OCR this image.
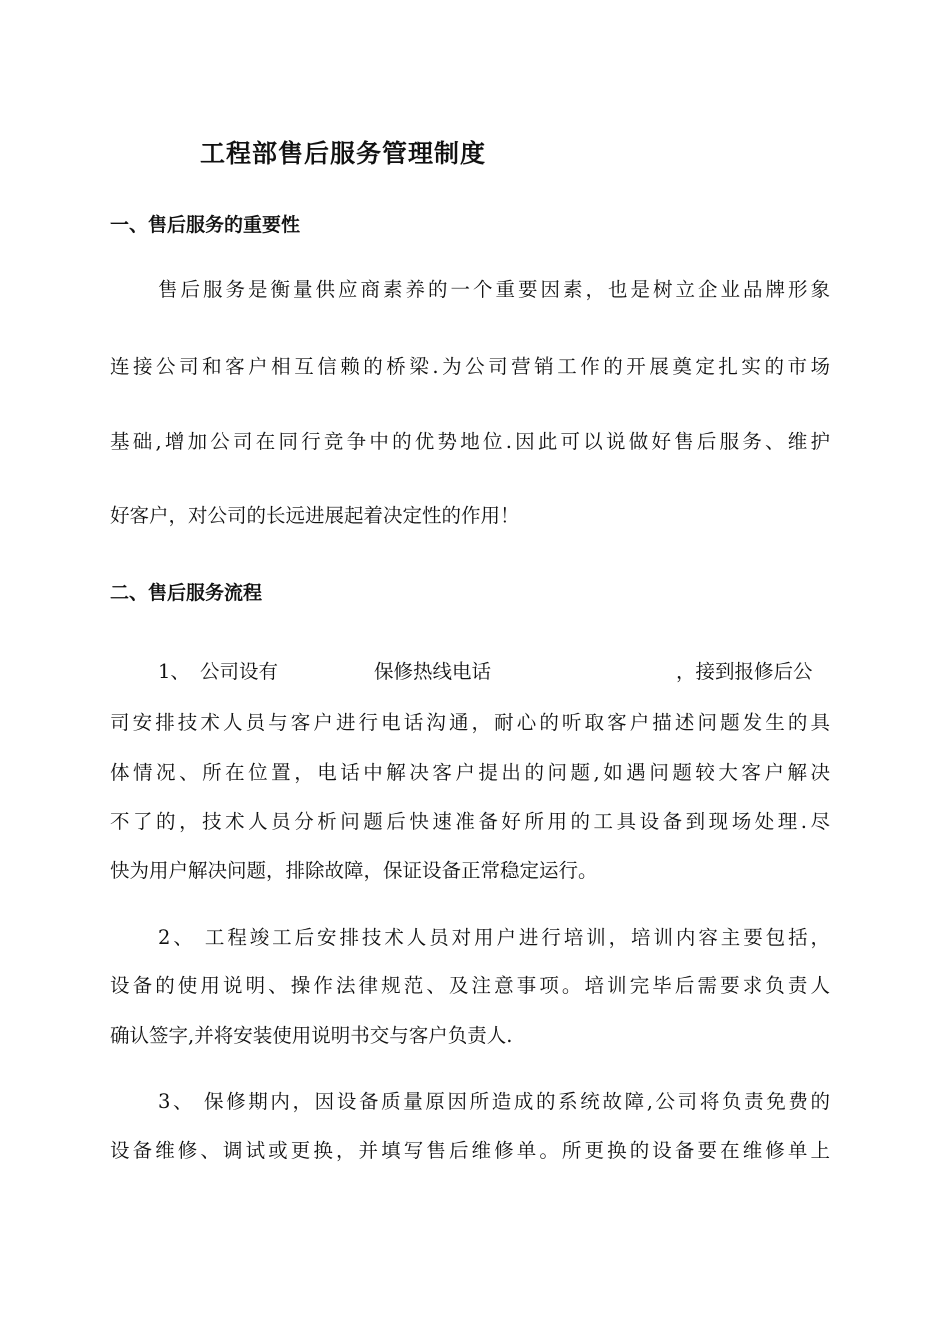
工程部售后服务管理制度
一、售后服务的重要性
售后服务是衡量供应商素养的一个重要因素，也是树立企业品牌形象
连接公司和客户相互信赖的桥梁.为公司营销工作的开展奠定扎实的市场
基础,增加公司在同行竞争中的优势地位.因此可以说做好售后服务、维护
好客户，对公司的长远进展起着决定性的作用！
二、售后服务流程
1、 公司设有	保修热线电话	，接到报修后公
司安排技术人员与客户进行电话沟通，耐心的听取客户描述问题发生的具
体情况、所在位置，电话中解决客户提出的问题,如遇问题较大客户解决
不了的，技术人员分析问题后快速准备好所用的工具设备到现场处理.尽
快为用户解决问题，排除故障，保证设备正常稳定运行。
2、 工程竣工后安排技术人员对用户进行培训，培训内容主要包括，
设备的使用说明、操作法律规范、及注意事项。培训完毕后需要求负责人
确认签字,并将安装使用说明书交与客户负责人.
3、 保修期内，因设备质量原因所造成的系统故障,公司将负责免费的
设备维修、调试或更换，并填写售后维修单。所更换的设备要在维修单上
